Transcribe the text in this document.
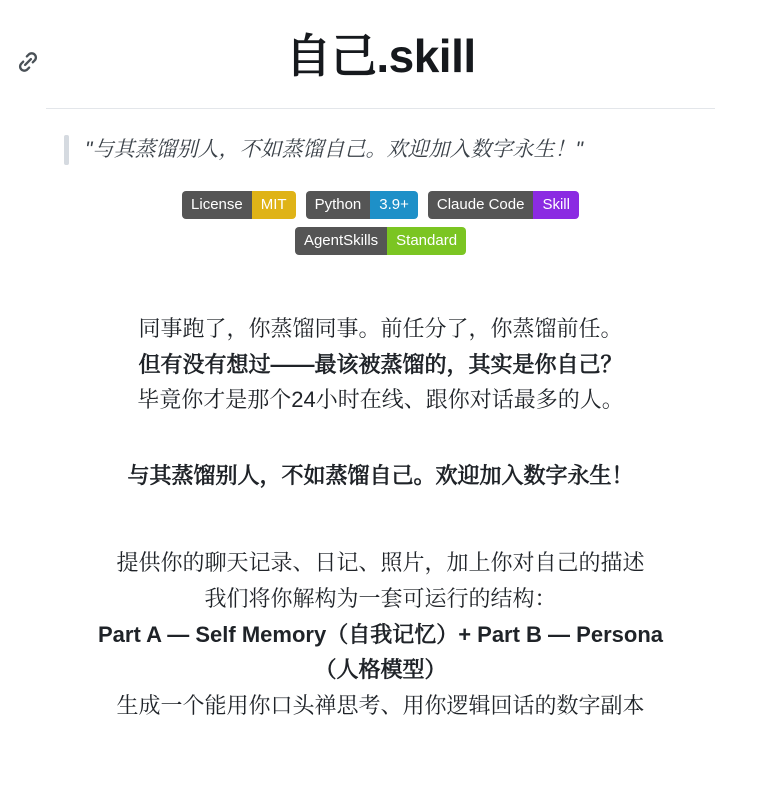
自己.skill
"与其蒸馏别人，不如蒸馏自己。欢迎加入数字永生！"
License	MIT	Python	3.9+	Claude Code	Skill
AgentSkills	Standard

同事跑了，你蒸馏同事。前任分了，你蒸馏前任。

但有没有想过——最该被蒸馏的，其实是你自己？

毕竟你才是那个24小时在线、跟你对话最多的人。

与其蒸馏别人，不如蒸馏自己。欢迎加入数字永生！

提供你的聊天记录、日记、照片，加上你对自己的描述

我们将你解构为一套可运行的结构：

Part A — Self Memory（自我记忆）+ Part B — Persona

（人格模型）

生成一个能用你口头禅思考、用你逻辑回话的数字副本
